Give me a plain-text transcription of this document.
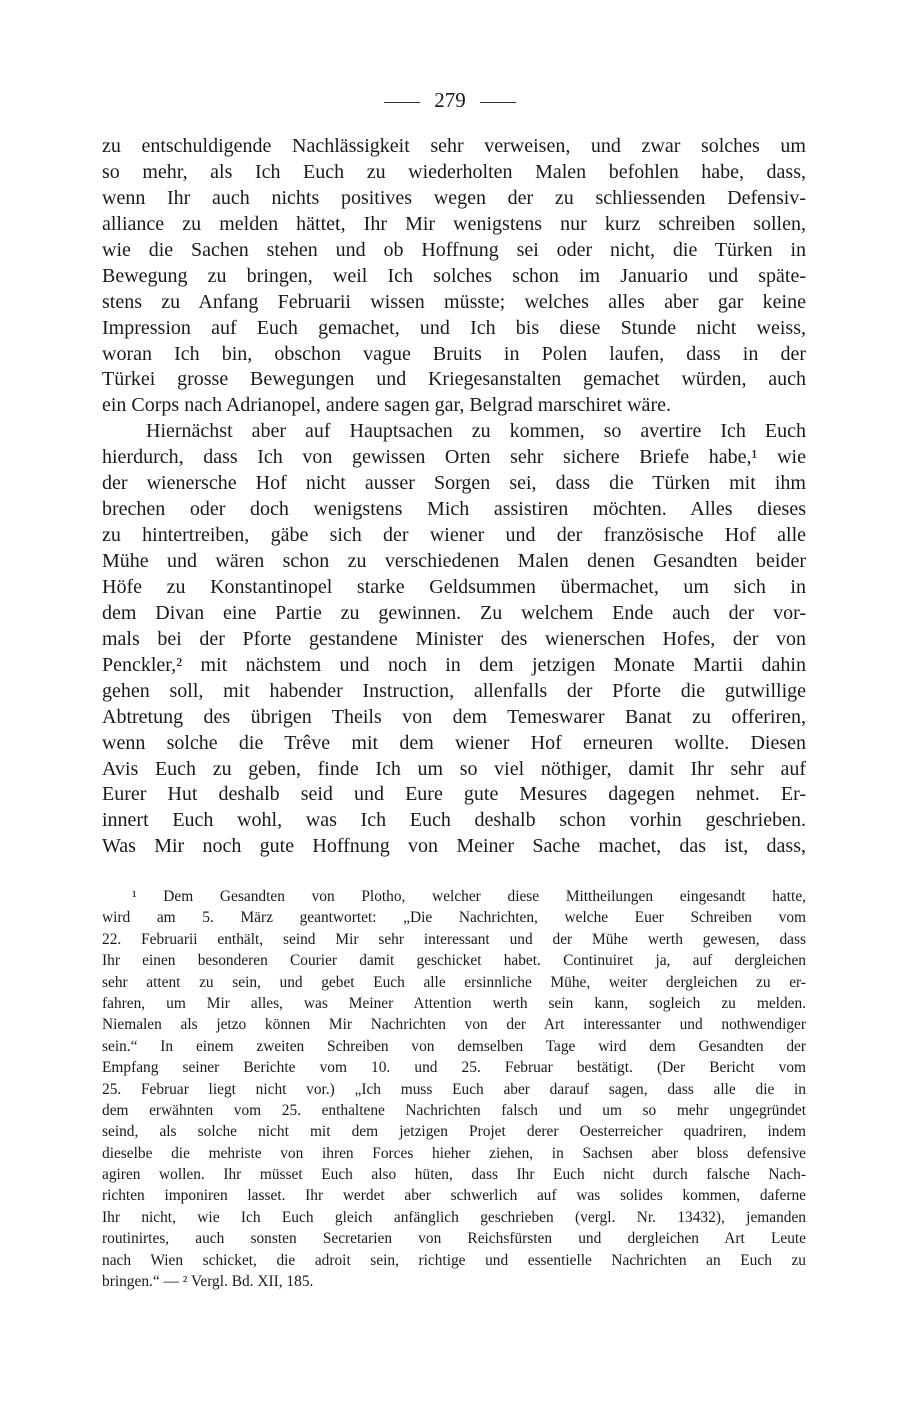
279
zu entschuldigende Nachlässigkeit sehr verweisen, und zwar solches um
so mehr, als Ich Euch zu wiederholten Malen befohlen habe, dass,
wenn Ihr auch nichts positives wegen der zu schliessenden Defensiv-
alliance zu melden hättet, Ihr Mir wenigstens nur kurz schreiben sollen,
wie die Sachen stehen und ob Hoffnung sei oder nicht, die Türken in
Bewegung zu bringen, weil Ich solches schon im Januario und späte-
stens zu Anfang Februarii wissen müsste; welches alles aber gar keine
Impression auf Euch gemachet, und Ich bis diese Stunde nicht weiss,
woran Ich bin, obschon vague Bruits in Polen laufen, dass in der
Türkei grosse Bewegungen und Kriegesanstalten gemachet würden, auch
ein Corps nach Adrianopel, andere sagen gar, Belgrad marschiret wäre.
Hiernächst aber auf Hauptsachen zu kommen, so avertire Ich Euch
hierdurch, dass Ich von gewissen Orten sehr sichere Briefe habe,¹ wie
der wienersche Hof nicht ausser Sorgen sei, dass die Türken mit ihm
brechen oder doch wenigstens Mich assistiren möchten. Alles dieses
zu hintertreiben, gäbe sich der wiener und der französische Hof alle
Mühe und wären schon zu verschiedenen Malen denen Gesandten beider
Höfe zu Konstantinopel starke Geldsummen übermachet, um sich in
dem Divan eine Partie zu gewinnen. Zu welchem Ende auch der vor-
mals bei der Pforte gestandene Minister des wienerschen Hofes, der von
Penckler,² mit nächstem und noch in dem jetzigen Monate Martii dahin
gehen soll, mit habender Instruction, allenfalls der Pforte die gutwillige
Abtretung des übrigen Theils von dem Temeswarer Banat zu offeriren,
wenn solche die Trêve mit dem wiener Hof erneuren wollte. Diesen
Avis Euch zu geben, finde Ich um so viel nöthiger, damit Ihr sehr auf
Eurer Hut deshalb seid und Eure gute Mesures dagegen nehmet. Er-
innert Euch wohl, was Ich Euch deshalb schon vorhin geschrieben.
Was Mir noch gute Hoffnung von Meiner Sache machet, das ist, dass,
¹ Dem Gesandten von Plotho, welcher diese Mittheilungen eingesandt hatte,
wird am 5. März geantwortet: „Die Nachrichten, welche Euer Schreiben vom
22. Februarii enthält, seind Mir sehr interessant und der Mühe werth gewesen, dass
Ihr einen besonderen Courier damit geschicket habet. Continuiret ja, auf dergleichen
sehr attent zu sein, und gebet Euch alle ersinnliche Mühe, weiter dergleichen zu er-
fahren, um Mir alles, was Meiner Attention werth sein kann, sogleich zu melden.
Niemalen als jetzo können Mir Nachrichten von der Art interessanter und nothwendiger
sein.“ In einem zweiten Schreiben von demselben Tage wird dem Gesandten der
Empfang seiner Berichte vom 10. und 25. Februar bestätigt. (Der Bericht vom
25. Februar liegt nicht vor.) „Ich muss Euch aber darauf sagen, dass alle die in
dem erwähnten vom 25. enthaltene Nachrichten falsch und um so mehr ungegründet
seind, als solche nicht mit dem jetzigen Projet derer Oesterreicher quadriren, indem
dieselbe die mehriste von ihren Forces hieher ziehen, in Sachsen aber bloss defensive
agiren wollen. Ihr müsset Euch also hüten, dass Ihr Euch nicht durch falsche Nach-
richten imponiren lasset. Ihr werdet aber schwerlich auf was solides kommen, daferne
Ihr nicht, wie Ich Euch gleich anfänglich geschrieben (vergl. Nr. 13432), jemanden
routinirtes, auch sonsten Secretarien von Reichsfürsten und dergleichen Art Leute
nach Wien schicket, die adroit sein, richtige und essentielle Nachrichten an Euch zu
bringen.“ — ² Vergl. Bd. XII, 185.
